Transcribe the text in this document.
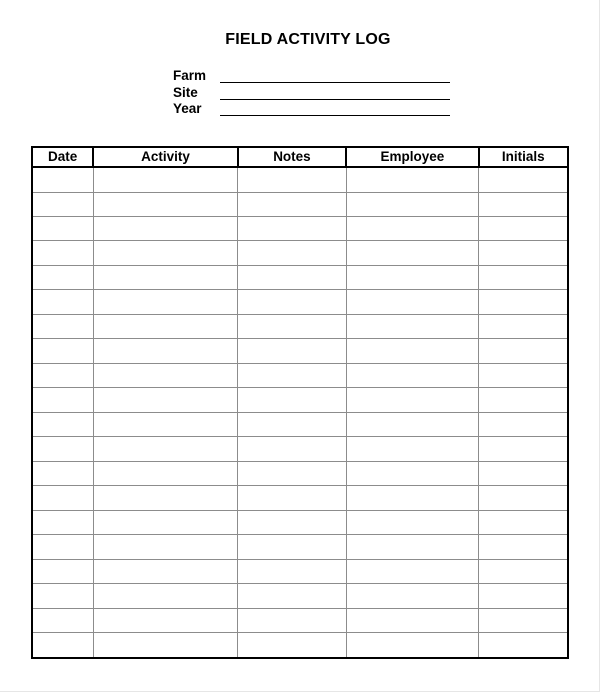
FIELD ACTIVITY LOG
Farm
Site
Year
Date	Activity	Notes	Employee	Initials
